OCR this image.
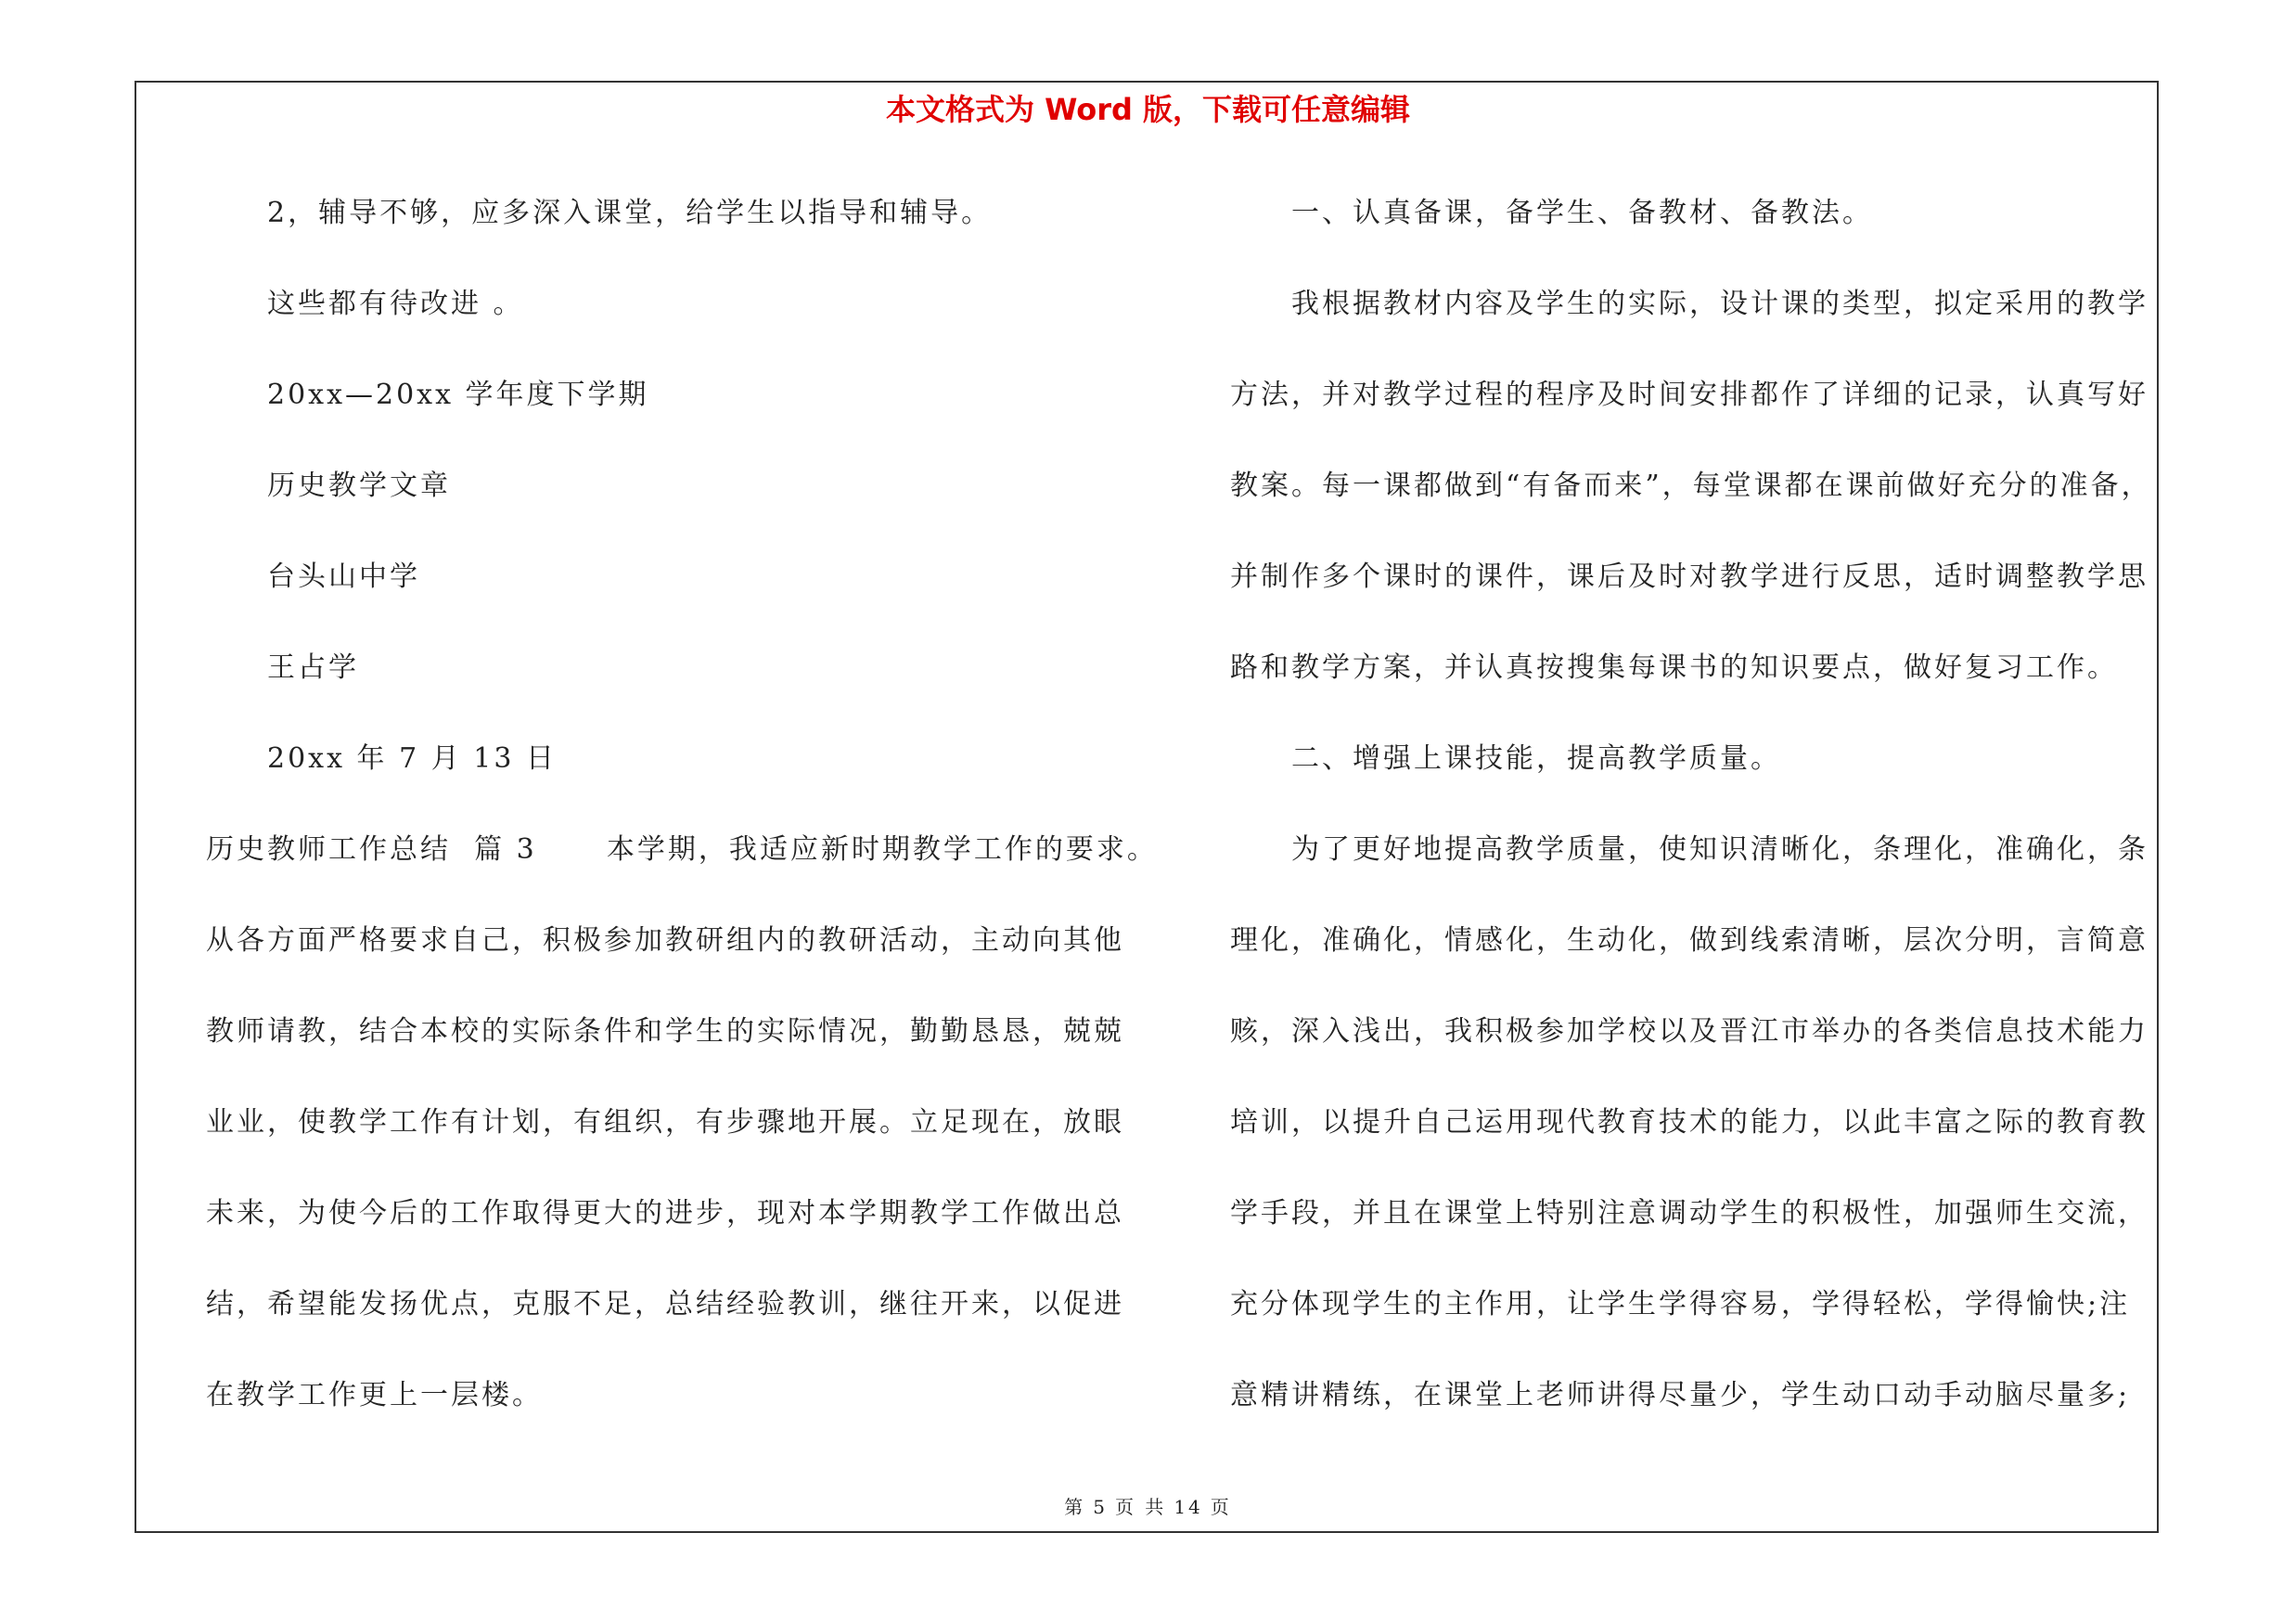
本文格式为 Word 版，下载可任意编辑
2，辅导不够，应多深入课堂，给学生以指导和辅导。
这些都有待改进 。
20xx—20xx 学年度下学期
历史教学文章
台头山中学
王占学
20xx 年 7 月 13 日
历史教师工作总结  篇 3      本学期，我适应新时期教学工作的要求。
从各方面严格要求自己，积极参加教研组内的教研活动，主动向其他
教师请教，结合本校的实际条件和学生的实际情况，勤勤恳恳，兢兢
业业，使教学工作有计划，有组织，有步骤地开展。立足现在，放眼
未来，为使今后的工作取得更大的进步，现对本学期教学工作做出总
结，希望能发扬优点，克服不足，总结经验教训，继往开来，以促进
在教学工作更上一层楼。
一、认真备课，备学生、备教材、备教法。
我根据教材内容及学生的实际，设计课的类型，拟定采用的教学
方法，并对教学过程的程序及时间安排都作了详细的记录，认真写好
教案。每一课都做到“有备而来”，每堂课都在课前做好充分的准备，
并制作多个课时的课件，课后及时对教学进行反思，适时调整教学思
路和教学方案，并认真按搜集每课书的知识要点，做好复习工作。
二、增强上课技能，提高教学质量。
为了更好地提高教学质量，使知识清晰化，条理化，准确化，条
理化，准确化，情感化，生动化，做到线索清晰，层次分明，言简意
赅，深入浅出，我积极参加学校以及晋江市举办的各类信息技术能力
培训，以提升自己运用现代教育技术的能力，以此丰富之际的教育教
学手段，并且在课堂上特别注意调动学生的积极性，加强师生交流，
充分体现学生的主作用，让学生学得容易，学得轻松，学得愉快;注
意精讲精练，在课堂上老师讲得尽量少，学生动口动手动脑尽量多;
第 5 页 共 14 页
